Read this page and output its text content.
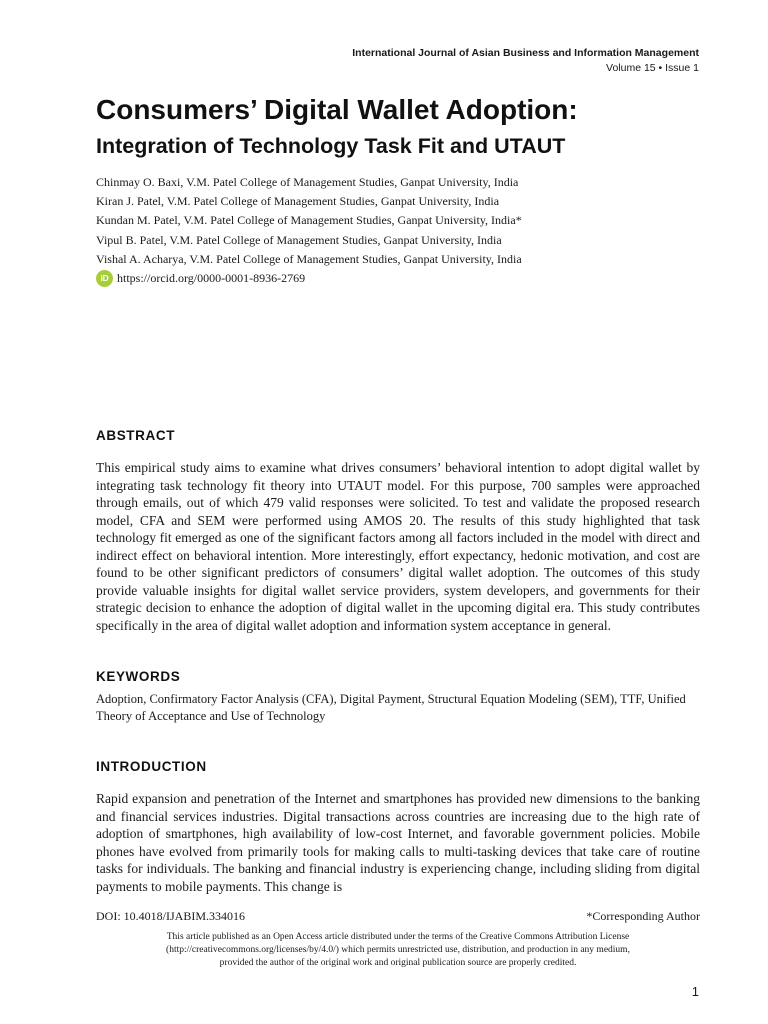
International Journal of Asian Business and Information Management
Volume 15 • Issue 1
Consumers’ Digital Wallet Adoption:
Integration of Technology Task Fit and UTAUT
Chinmay O. Baxi, V.M. Patel College of Management Studies, Ganpat University, India
Kiran J. Patel, V.M. Patel College of Management Studies, Ganpat University, India
Kundan M. Patel, V.M. Patel College of Management Studies, Ganpat University, India*
Vipul B. Patel, V.M. Patel College of Management Studies, Ganpat University, India
Vishal A. Acharya, V.M. Patel College of Management Studies, Ganpat University, India
iD https://orcid.org/0000-0001-8936-2769
ABSTRACT

This empirical study aims to examine what drives consumers’ behavioral intention to adopt digital wallet by integrating task technology fit theory into UTAUT model. For this purpose, 700 samples were approached through emails, out of which 479 valid responses were solicited. To test and validate the proposed research model, CFA and SEM were performed using AMOS 20. The results of this study highlighted that task technology fit emerged as one of the significant factors among all factors included in the model with direct and indirect effect on behavioral intention. More interestingly, effort expectancy, hedonic motivation, and cost are found to be other significant predictors of consumers’ digital wallet adoption. The outcomes of this study provide valuable insights for digital wallet service providers, system developers, and governments for their strategic decision to enhance the adoption of digital wallet in the upcoming digital era. This study contributes specifically in the area of digital wallet adoption and information system acceptance in general.

KEYWORDS

Adoption, Confirmatory Factor Analysis (CFA), Digital Payment, Structural Equation Modeling (SEM), TTF, Unified Theory of Acceptance and Use of Technology

INTRODUCTION

Rapid expansion and penetration of the Internet and smartphones has provided new dimensions to the banking and financial services industries. Digital transactions across countries are increasing due to the high rate of adoption of smartphones, high availability of low-cost Internet, and favorable government policies. Mobile phones have evolved from primarily tools for making calls to multi-tasking devices that take care of routine tasks for individuals. The banking and financial industry is experiencing change, including sliding from digital payments to mobile payments. This change is

DOI: 10.4018/IJABIM.334016	*Corresponding Author
This article published as an Open Access article distributed under the terms of the Creative Commons Attribution License
(http://creativecommons.org/licenses/by/4.0/) which permits unrestricted use, distribution, and production in any medium,
provided the author of the original work and original publication source are properly credited.
1
